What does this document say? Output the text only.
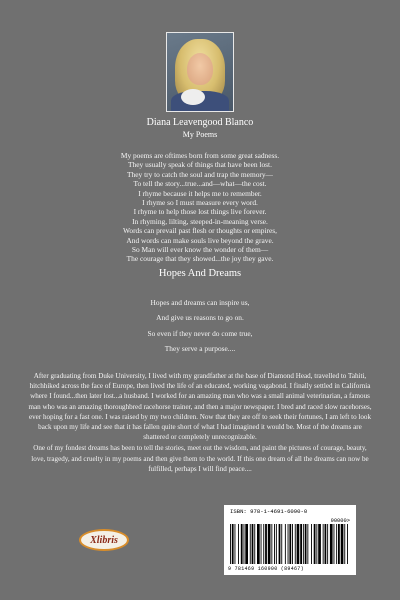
Diana Leavengood Blanco
My Poems
My poems are oftimes born from some great sadness.
They usually speak of things that have been lost.
They try to catch the soul and trap the memory—
To tell the story...true...and—what—the cost.
I rhyme because it helps me to remember.
I rhyme so I must measure every word.
I rhyme to help those lost things live forever.
In rhyming, lilting, steeped-in-meaning verse.
Words can prevail past flesh or thoughts or empires,
And words can make souls live beyond the grave.
So Man will ever know the wonder of them—
The courage that they showed...the joy they gave.
Hopes And Dreams
Hopes and dreams can inspire us,
And give us reasons to go on.
So even if they never do come true,
They serve a purpose....

After graduating from Duke University, I lived with my grandfather at the base of Diamond Head, travelled to Tahiti, hitchhiked across the face of Europe, then lived the life of an educated, working vagabond. I finally settled in California where I found...then later lost...a husband. I worked for an amazing man who was a small animal veterinarian, a famous man who was an amazing thoroughbred racehorse trainer, and then a major newspaper. I bred and raced slow racehorses, ever hoping for a fast one. I was raised by my two children. Now that they are off to seek their fortunes, I am left to look back upon my life and see that it has fallen quite short of what I had imagined it would be. Most of the dreams are shattered or completely unrecognizable.

One of my fondest dreams has been to tell the stories, meet out the wisdom, and paint the pictures of courage, beauty, love, tragedy, and cruelty in my poems and then give them to the world. If this one dream of all the dreams can now be fulfilled, perhaps I will find peace....

Xlibris
ISBN: 978-1-4691-6090-0
90000>
9 781469 160900 (89467)
